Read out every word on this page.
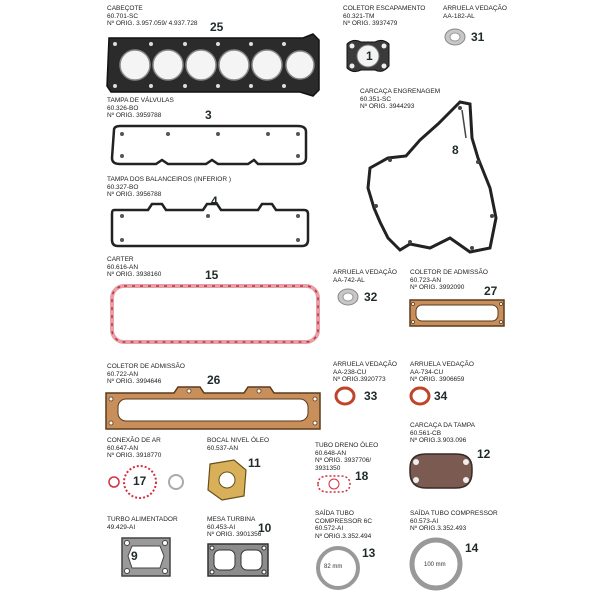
CABEÇOTE
60.701-SC
Nº ORIG. 3.957.059/ 4.937.728 25
COLETOR ESCAPAMENTO
60.321-TM
Nº ORIG. 3937479
1
ARRUELA VEDAÇÃO
AA-182-AL
31
TAMPA DE VÁLVULAS
60.326-BO
Nº ORIG. 3959788	3
CARCAÇA ENGRENAGEM
60.351-SC
Nº ORIG. 3944293
8
TAMPA DOS BALANCEIROS (INFERIOR )
60.327-BO
Nº ORIG. 3956788	4
CARTER
60.616-AN
Nº ORIG. 3938160	15	ARRUELA VEDAÇÃO
AA-742-AL
32
COLETOR DE ADMISSÃO
60.723-AN
Nº ORIG. 3992090	27
COLETOR DE ADMISSÃO
60.722-AN
Nº ORIG. 3994646	26
ARRUELA VEDAÇÃO
AA-238-CU
Nº ORIG.3920773
33
ARRUELA VEDAÇÃO
AA-734-CU
Nº ORIG. 3906659
34
CARCAÇA DA TAMPA
60.561-CB
Nº ORIG.3.903.096
12
CONEXÃO DE AR
60.647-AN
Nº ORIG. 3918770
17
BOCAL NIVEL ÓLEO
60.537-AN
11
TUBO DRENO ÓLEO
60.648-AN
Nº ORIG. 3937706/
3931350
18
TURBO ALIMENTADOR
49.429-AI
9
MESA TURBINA
60.453-AI
Nº ORIG. 3901356
10
SAÍDA TUBO
COMPRESSOR 6C
60.572-AI
Nº ORIG.3.352.494
82 mm
13
SAÍDA TUBO COMPRESSOR
60.573-AI
Nº ORIG.3.352.493
100 mm
14
